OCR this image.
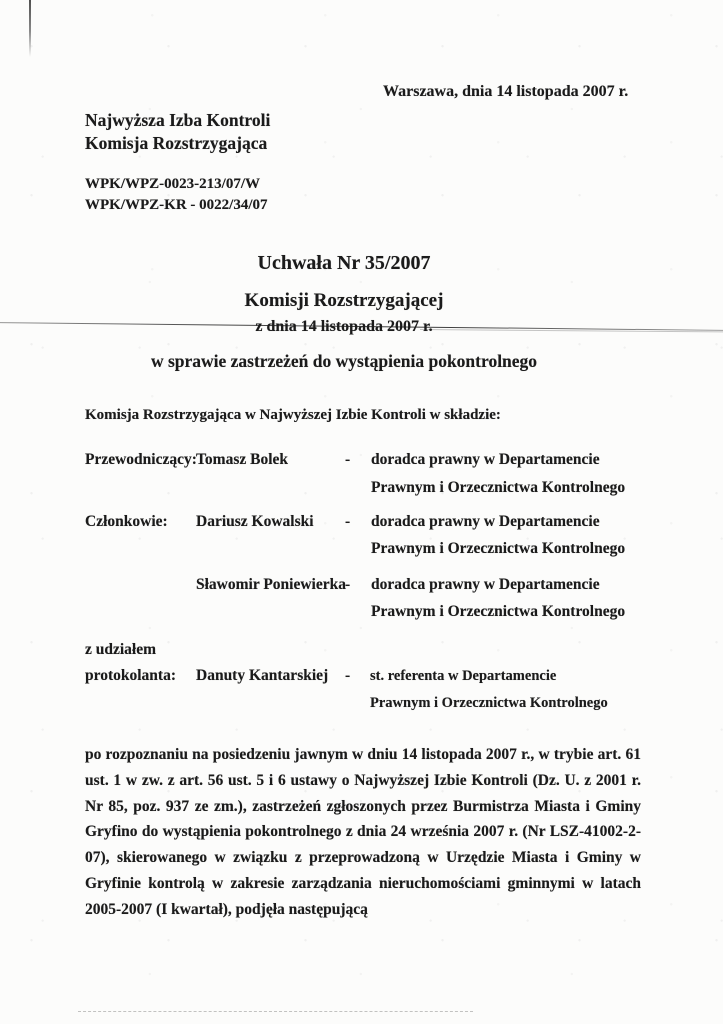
Warszawa, dnia 14 listopada 2007 r.
Najwyższa Izba Kontroli
Komisja Rozstrzygająca
WPK/WPZ-0023-213/07/W
WPK/WPZ-KR - 0022/34/07
Uchwała Nr 35/2007
Komisji Rozstrzygającej
z dnia 14 listopada 2007 r.
w sprawie zastrzeżeń do wystąpienia pokontrolnego
Komisja Rozstrzygająca w Najwyższej Izbie Kontroli w składzie:
Przewodniczący: Tomasz Bolek	- doradca prawny w Departamencie
Prawnym i Orzecznictwa Kontrolnego
Członkowie: Dariusz Kowalski - doradca prawny w Departamencie
Prawnym i Orzecznictwa Kontrolnego
Sławomir Poniewierka - doradca prawny w Departamencie
Prawnym i Orzecznictwa Kontrolnego
z udziałem
protokolanta: Danuty Kantarskiej - st. referenta w Departamencie
Prawnym i Orzecznictwa Kontrolnego
po rozpoznaniu na posiedzeniu jawnym w dniu 14 listopada 2007 r., w trybie art. 61
ust. 1 w zw. z art. 56 ust. 5 i 6 ustawy o Najwyższej Izbie Kontroli (Dz. U. z 2001 r.
Nr 85, poz. 937 ze zm.), zastrzeżeń zgłoszonych przez Burmistrza Miasta i Gminy
Gryfino do wystąpienia pokontrolnego z dnia 24 września 2007 r. (Nr LSZ-41002-2-
07), skierowanego w związku z przeprowadzoną w Urzędzie Miasta i Gminy w
Gryfinie kontrolą w zakresie zarządzania nieruchomościami gminnymi w latach
2005-2007 (I kwartał), podjęła następującą
